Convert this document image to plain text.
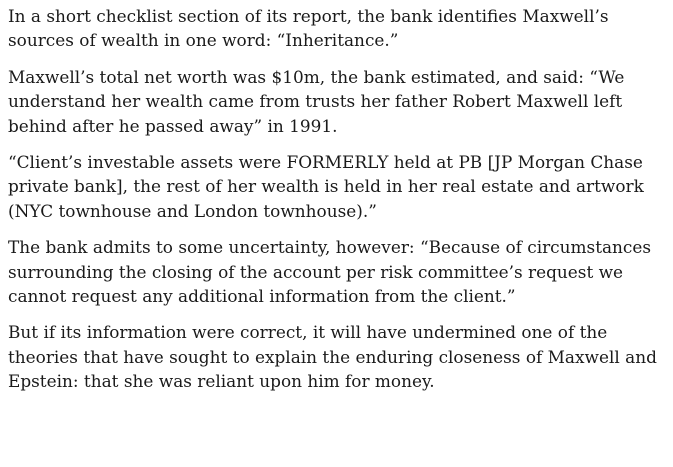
In a short checklist section of its report, the bank identifies Maxwell’s sources of wealth in one word: “Inheritance.”

Maxwell’s total net worth was $10m, the bank estimated, and said: “We understand her wealth came from trusts her father Robert Maxwell left behind after he passed away” in 1991.

“Client’s investable assets were FORMERLY held at PB [JP Morgan Chase private bank], the rest of her wealth is held in her real estate and artwork (NYC townhouse and London townhouse).”

The bank admits to some uncertainty, however: “Because of circumstances surrounding the closing of the account per risk committee’s request we cannot request any additional information from the client.”

But if its information were correct, it will have undermined one of the theories that have sought to explain the enduring closeness of Maxwell and Epstein: that she was reliant upon him for money.
